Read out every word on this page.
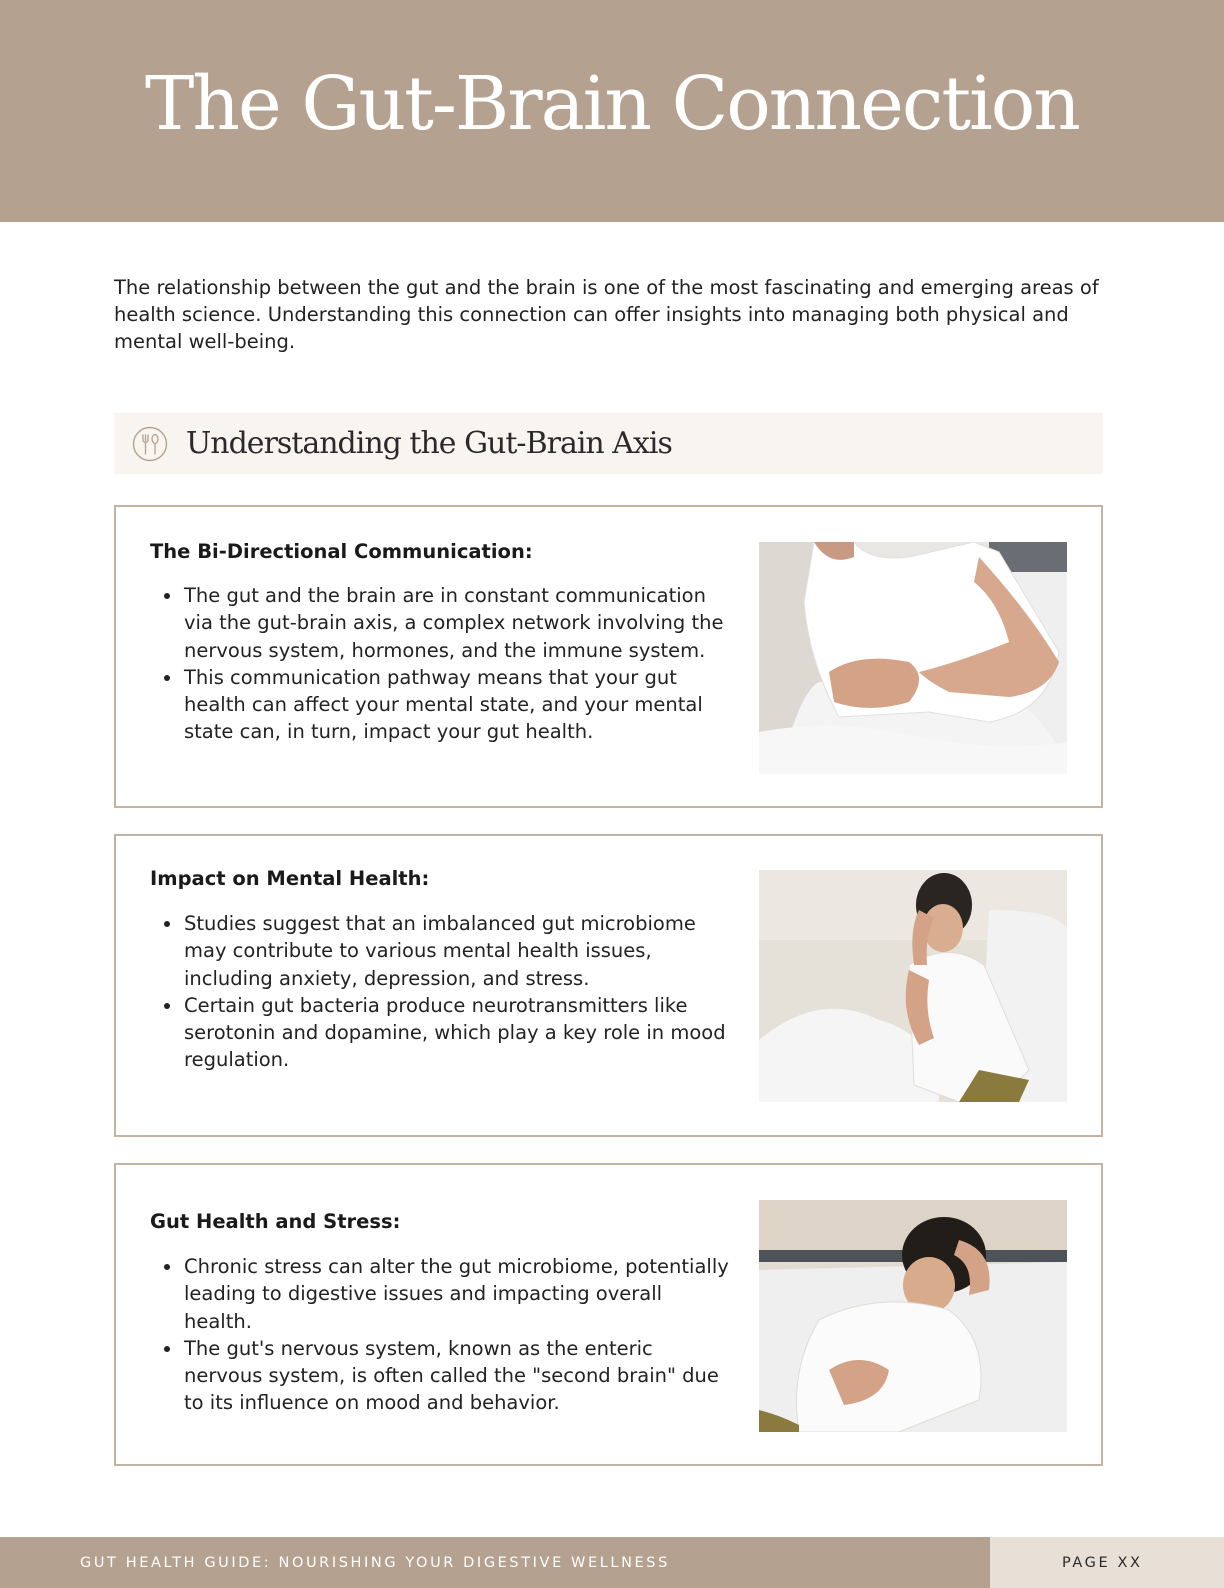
The Gut-Brain Connection

The relationship between the gut and the brain is one of the most fascinating and emerging areas of health science. Understanding this connection can offer insights into managing both physical and mental well-being.

Understanding the Gut-Brain Axis
The Bi-Directional Communication:
The gut and the brain are in constant communication via the gut-brain axis, a complex network involving the nervous system, hormones, and the immune system.
This communication pathway means that your gut health can affect your mental state, and your mental state can, in turn, impact your gut health.
Impact on Mental Health:
Studies suggest that an imbalanced gut microbiome may contribute to various mental health issues, including anxiety, depression, and stress.
Certain gut bacteria produce neurotransmitters like serotonin and dopamine, which play a key role in mood regulation.
Gut Health and Stress:
Chronic stress can alter the gut microbiome, potentially leading to digestive issues and impacting overall health.
The gut's nervous system, known as the enteric nervous system, is often called the "second brain" due to its influence on mood and behavior.
GUT HEALTH GUIDE: NOURISHING YOUR DIGESTIVE WELLNESS	PAGE XX
